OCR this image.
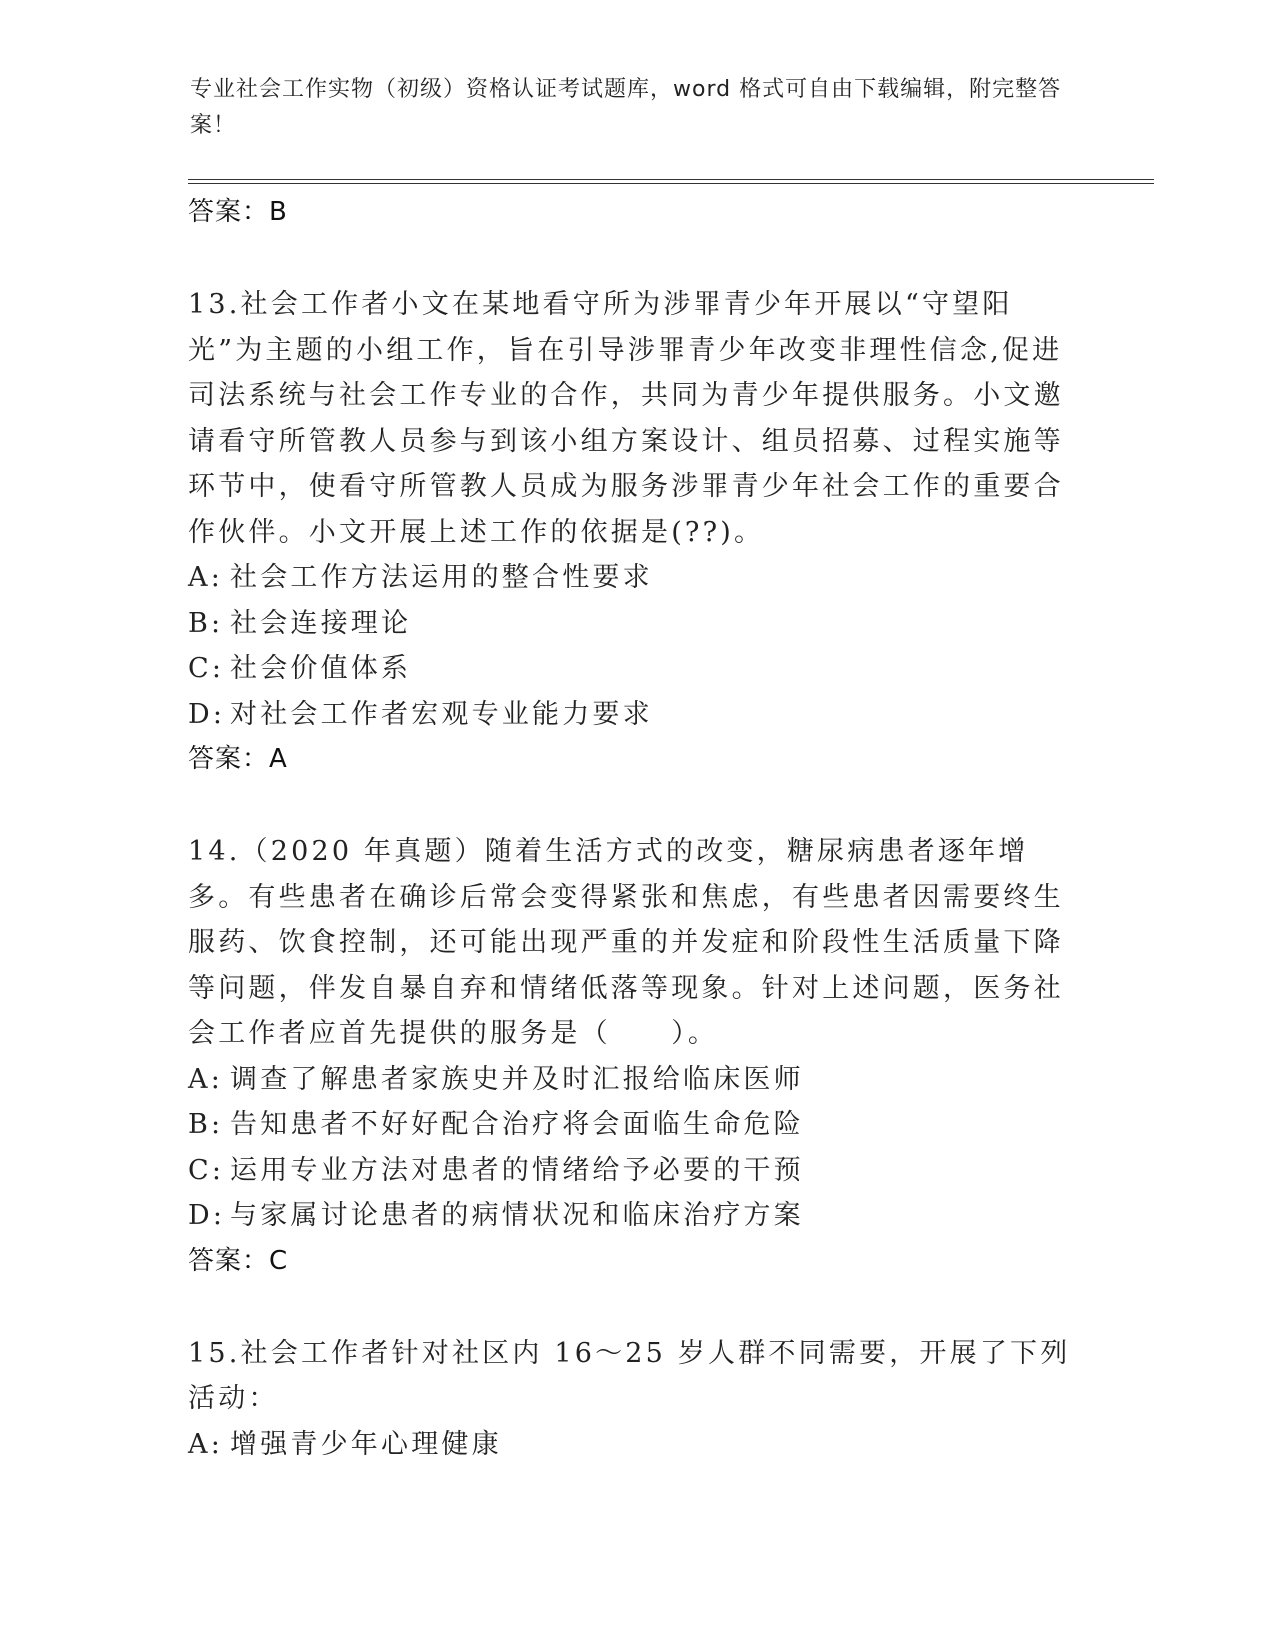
专业社会工作实物（初级）资格认证考试题库，word 格式可自由下载编辑，附完整答案！
答案：B
13.社会工作者小文在某地看守所为涉罪青少年开展以“守望阳光”为主题的小组工作，旨在引导涉罪青少年改变非理性信念,促进司法系统与社会工作专业的合作，共同为青少年提供服务。小文邀请看守所管教人员参与到该小组方案设计、组员招募、过程实施等环节中，使看守所管教人员成为服务涉罪青少年社会工作的重要合作伙伴。小文开展上述工作的依据是(??)。
A: 社会工作方法运用的整合性要求
B: 社会连接理论
C: 社会价值体系
D: 对社会工作者宏观专业能力要求
答案：A
14.（2020 年真题）随着生活方式的改变，糖尿病患者逐年增多。有些患者在确诊后常会变得紧张和焦虑，有些患者因需要终生服药、饮食控制，还可能出现严重的并发症和阶段性生活质量下降等问题，伴发自暴自弃和情绪低落等现象。针对上述问题，医务社会工作者应首先提供的服务是（　　）。
A: 调查了解患者家族史并及时汇报给临床医师
B: 告知患者不好好配合治疗将会面临生命危险
C: 运用专业方法对患者的情绪给予必要的干预
D: 与家属讨论患者的病情状况和临床治疗方案
答案：C
15.社会工作者针对社区内 16～25 岁人群不同需要，开展了下列活动：
A: 增强青少年心理健康
